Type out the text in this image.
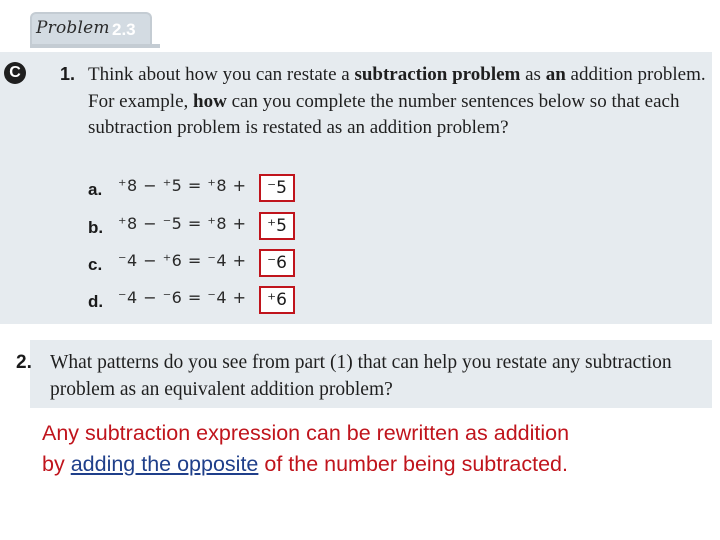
Problem 2.3
C 1. Think about how you can restate a subtraction problem as an addition problem. For example, how can you complete the number sentences below so that each subtraction problem is restated as an addition problem?
a. ⁺8 − ⁺5 = ⁺8 +	⁻5
b. ⁺8 − ⁻5 = ⁺8 +	⁺5
c. ⁻4 − ⁺6 = ⁻4 +	⁻6
d. ⁻4 − ⁻6 = ⁻4 +	⁺6
2. What patterns do you see from part (1) that can help you restate any subtraction problem as an equivalent addition problem?
Any subtraction expression can be rewritten as addition
by adding the opposite of the number being subtracted.
